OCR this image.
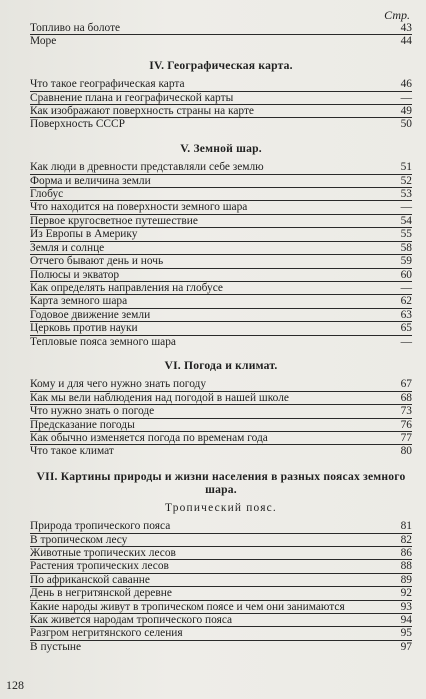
Стр.
Топливо на болоте	43
Море	44
IV. Географическая карта.
Что такое географическая карта	46
Сравнение плана и географической карты	—
Как изображают поверхность страны на карте	49
Поверхность СССР	50
V. Земной шар.
Как люди в древности представляли себе землю	51
Форма и величина земли	52
Глобус	53
Что находится на поверхности земного шара	—
Первое кругосветное путешествие	54
Из Европы в Америку	55
Земля и солнце	58
Отчего бывают день и ночь	59
Полюсы и экватор	60
Как определять направления на глобусе	—
Карта земного шара	62
Годовое движение земли	63
Церковь против науки	65
Тепловые пояса земного шара	—
VI. Погода и климат.
Кому и для чего нужно знать погоду	67
Как мы вели наблюдения над погодой в нашей школе	68
Что нужно знать о погоде	73
Предсказание погоды	76
Как обычно изменяется погода по временам года	77
Что такое климат	80
VII. Картины природы и жизни населения в разных поясах земного шара.
Тропический пояс.
Природа тропического пояса	81
В тропическом лесу	82
Животные тропических лесов	86
Растения тропических лесов	88
По африканской саванне	89
День в негритянской деревне	92
Какие народы живут в тропическом поясе и чем они занимаются	93
Как живется народам тропического пояса	94
Разгром негритянского селения	95
В пустыне	97
128
